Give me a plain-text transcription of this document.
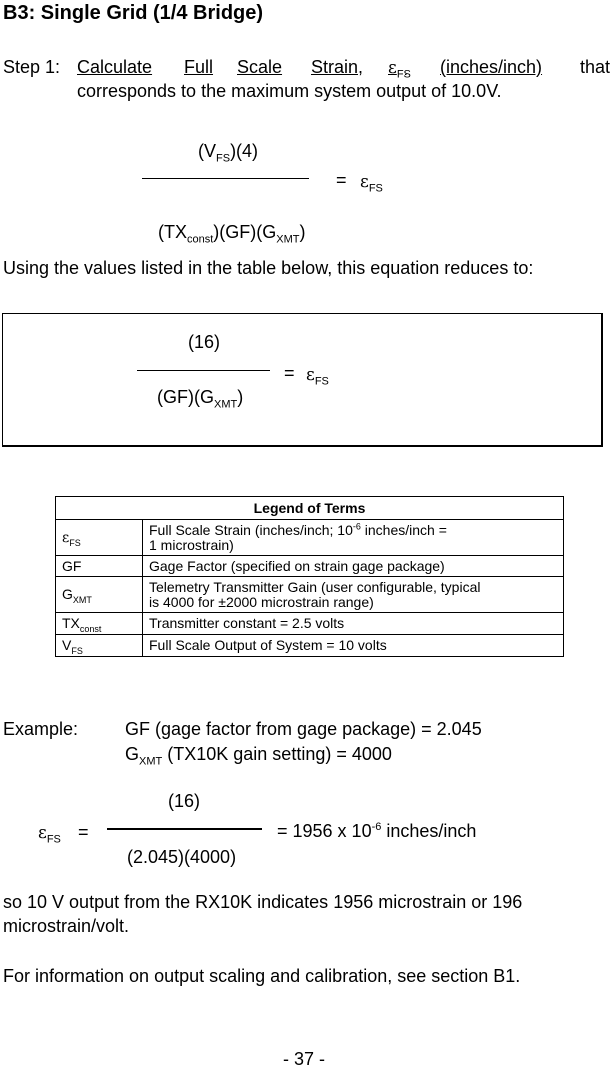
B3: Single Grid (1/4 Bridge)
Step 1: Calculate Full Scale Strain, $\varepsilon_{FS}$ (inches/inch) that
corresponds to the maximum system output of 10.0V.
$(V_{FS})(4)$
$(TX_{const})(GF)(G_{XMT})$
= $\varepsilon_{FS}$
Using the values listed in the table below, this equation reduces to:
(16)
$(GF)(G_{XMT})$
= $\varepsilon_{FS}$
Legend of Terms	
$\varepsilon_{FS}$	Full Scale Strain (inches/inch; $10^{-6}$ inches/inch =
1 microstrain)
GF	Gage Factor (specified on strain gage package)
$G_{XMT}$	Telemetry Transmitter Gain (user configurable, typical
is 4000 for ±2000 microstrain range)
$TX_{const}$	Transmitter constant = 2.5 volts
$V_{FS}$	Full Scale Output of System = 10 volts
Example:	GF (gage factor from gage package) = 2.045
$G_{XMT}$ (TX10K gain setting) = 4000
$\varepsilon_{FS}$ =
(16)
(2.045)(4000)
= 1956 x $10^{-6}$ inches/inch
so 10 V output from the RX10K indicates 1956 microstrain or 196
microstrain/volt.
For information on output scaling and calibration, see section B1.
- 37 -
